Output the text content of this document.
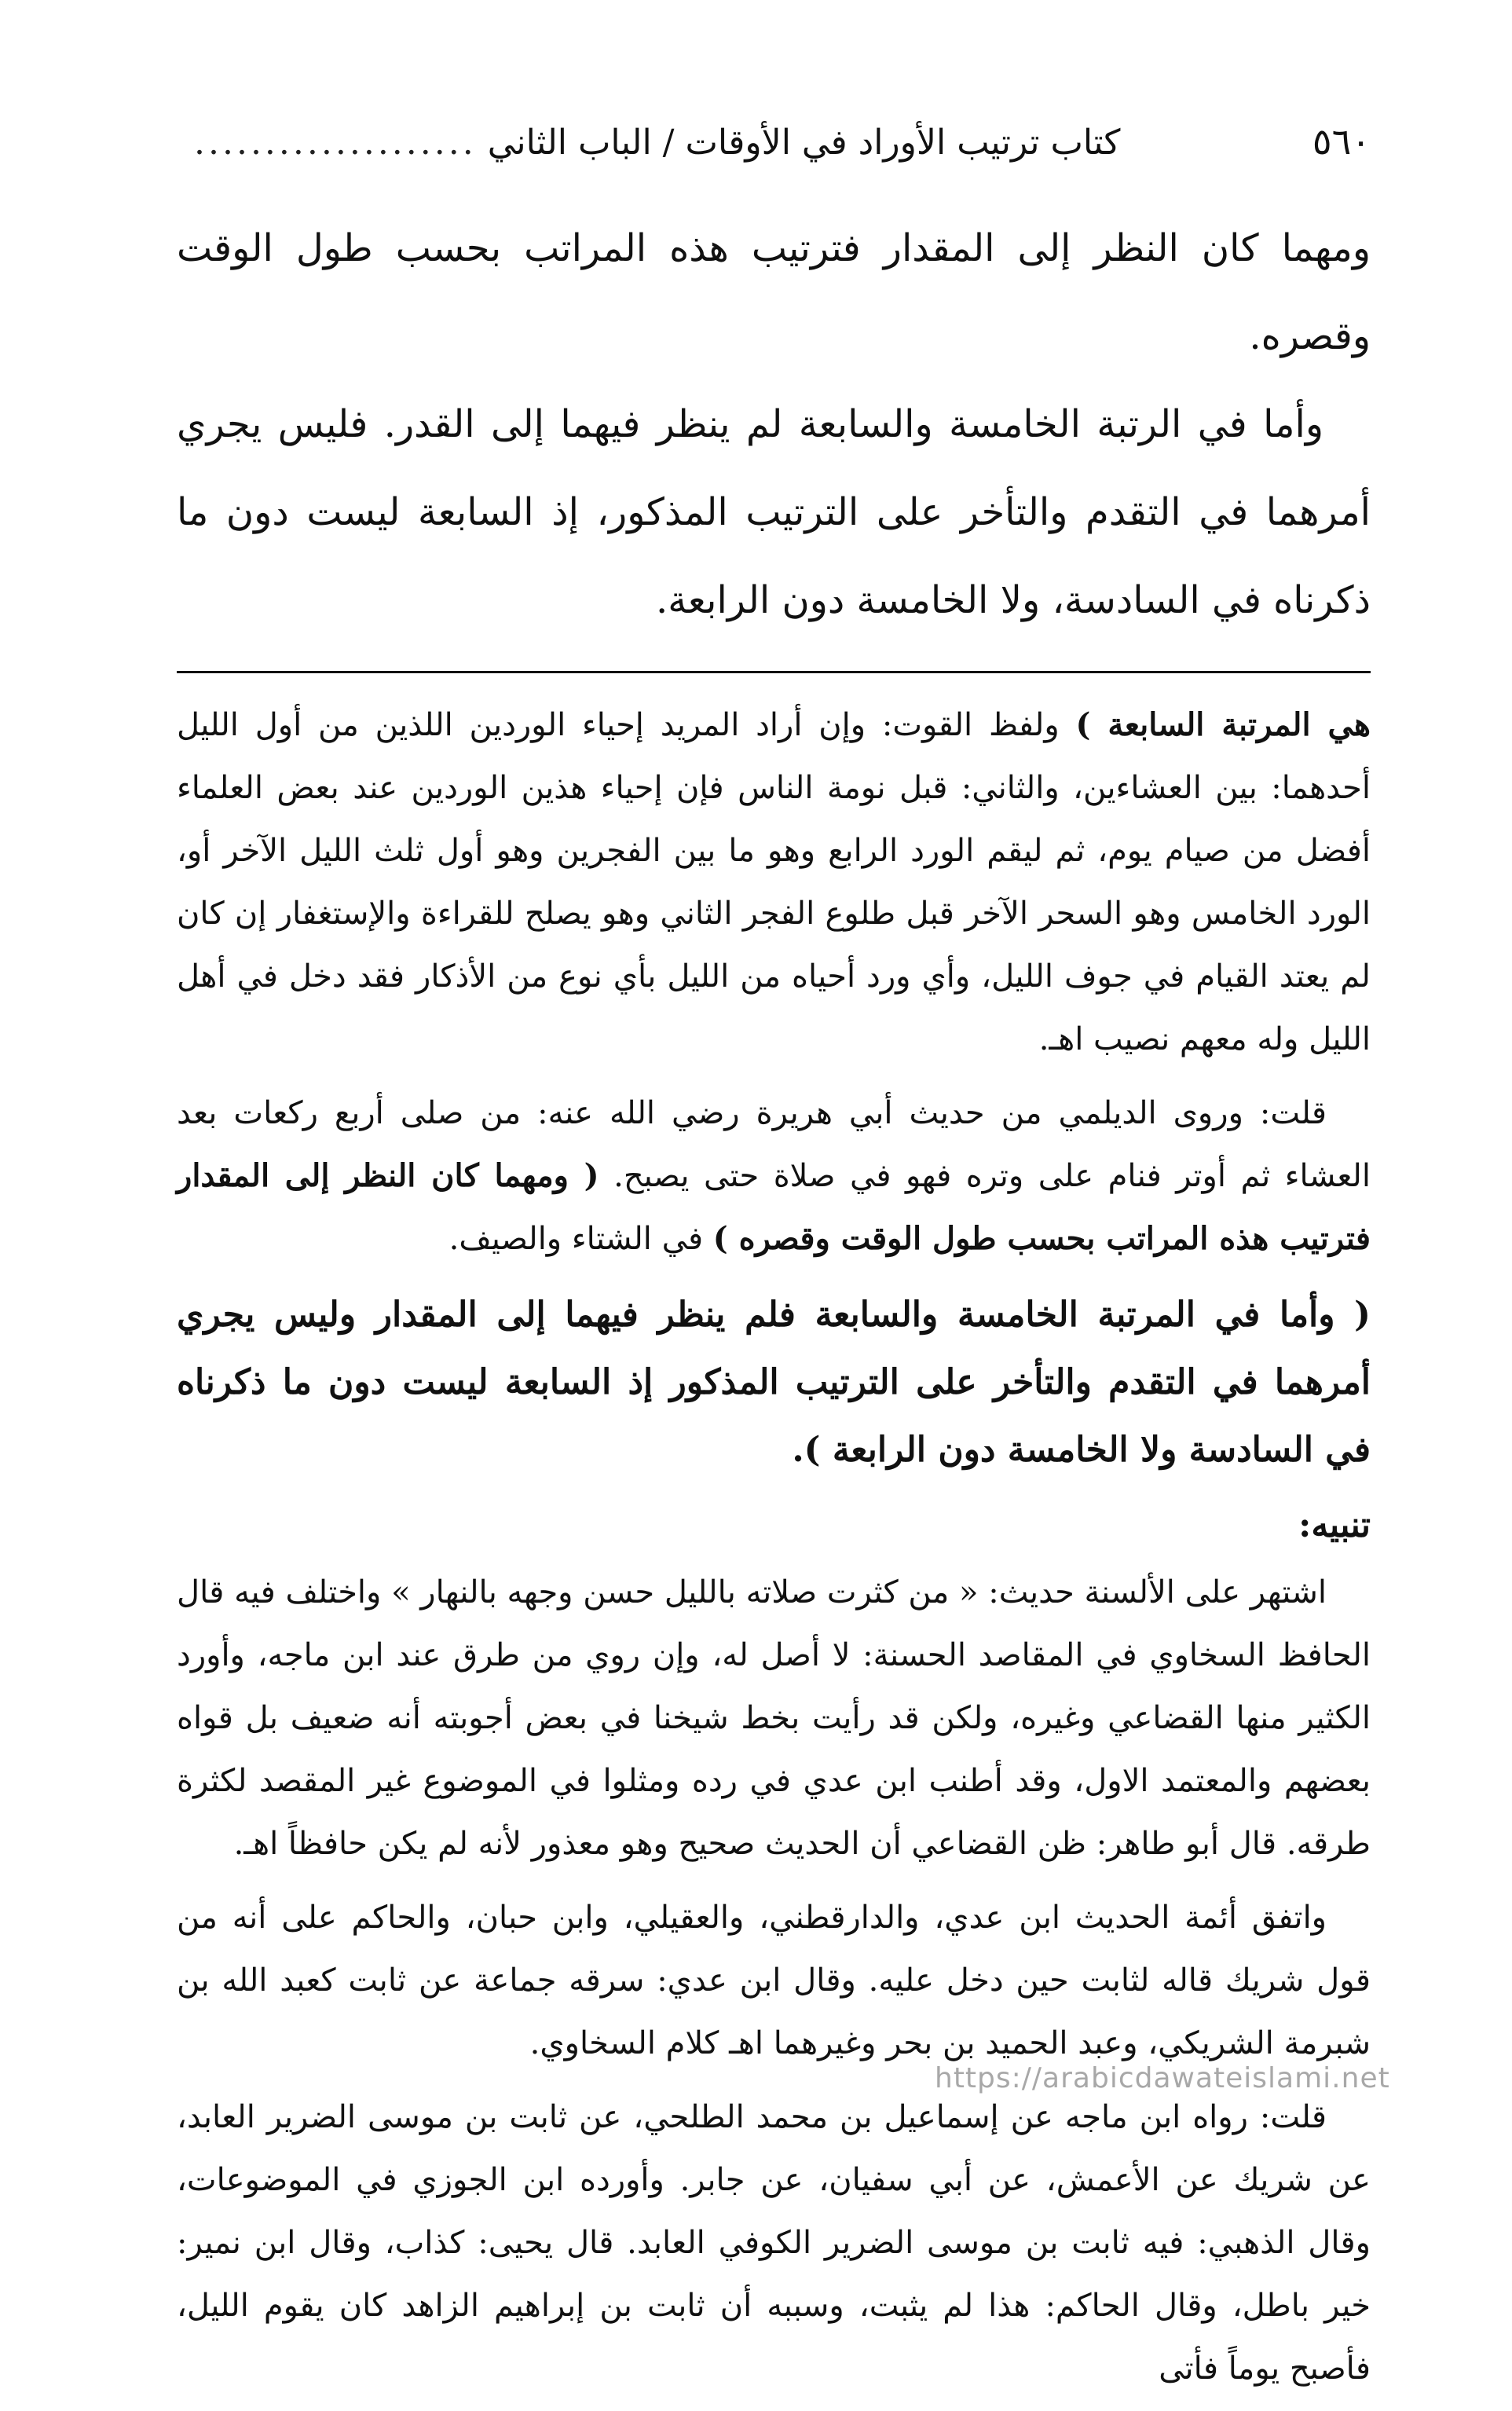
٥٦٠
كتاب ترتيب الأوراد في الأوقات / الباب الثاني ....................

ومهما كان النظر إلى المقدار فترتيب هذه المراتب بحسب طول الوقت وقصره.

وأما في الرتبة الخامسة والسابعة لم ينظر فيهما إلى القدر. فليس يجري أمرهما في التقدم والتأخر على الترتيب المذكور، إذ السابعة ليست دون ما ذكرناه في السادسة، ولا الخامسة دون الرابعة.

هي المرتبة السابعة ) ولفظ القوت: وإن أراد المريد إحياء الوردين اللذين من أول الليل أحدهما: بين العشاءين، والثاني: قبل نومة الناس فإن إحياء هذين الوردين عند بعض العلماء أفضل من صيام يوم، ثم ليقم الورد الرابع وهو ما بين الفجرين وهو أول ثلث الليل الآخر أو، الورد الخامس وهو السحر الآخر قبل طلوع الفجر الثاني وهو يصلح للقراءة والإستغفار إن كان لم يعتد القيام في جوف الليل، وأي ورد أحياه من الليل بأي نوع من الأذكار فقد دخل في أهل الليل وله معهم نصيب اهـ.

قلت: وروى الديلمي من حديث أبي هريرة رضي الله عنه: من صلى أربع ركعات بعد العشاء ثم أوتر فنام على وتره فهو في صلاة حتى يصبح. ( ومهما كان النظر إلى المقدار فترتيب هذه المراتب بحسب طول الوقت وقصره ) في الشتاء والصيف.

( وأما في المرتبة الخامسة والسابعة فلم ينظر فيهما إلى المقدار وليس يجري أمرهما في التقدم والتأخر على الترتيب المذكور إذ السابعة ليست دون ما ذكرناه في السادسة ولا الخامسة دون الرابعة ).

تنبيه:

اشتهر على الألسنة حديث: « من كثرت صلاته بالليل حسن وجهه بالنهار » واختلف فيه قال الحافظ السخاوي في المقاصد الحسنة: لا أصل له، وإن روي من طرق عند ابن ماجه، وأورد الكثير منها القضاعي وغيره، ولكن قد رأيت بخط شيخنا في بعض أجوبته أنه ضعيف بل قواه بعضهم والمعتمد الاول، وقد أطنب ابن عدي في رده ومثلوا في الموضوع غير المقصد لكثرة طرقه. قال أبو طاهر: ظن القضاعي أن الحديث صحيح وهو معذور لأنه لم يكن حافظاً اهـ.

واتفق أئمة الحديث ابن عدي، والدارقطني، والعقيلي، وابن حبان، والحاكم على أنه من قول شريك قاله لثابت حين دخل عليه. وقال ابن عدي: سرقه جماعة عن ثابت كعبد الله بن شبرمة الشريكي، وعبد الحميد بن بحر وغيرهما اهـ كلام السخاوي.

قلت: رواه ابن ماجه عن إسماعيل بن محمد الطلحي، عن ثابت بن موسى الضرير العابد، عن شريك عن الأعمش، عن أبي سفيان، عن جابر. وأورده ابن الجوزي في الموضوعات، وقال الذهبي: فيه ثابت بن موسى الضرير الكوفي العابد. قال يحيى: كذاب، وقال ابن نمير: خير باطل، وقال الحاكم: هذا لم يثبت، وسببه أن ثابت بن إبراهيم الزاهد كان يقوم الليل، فأصبح يوماً فأتى

https://arabicdawateislami.net
